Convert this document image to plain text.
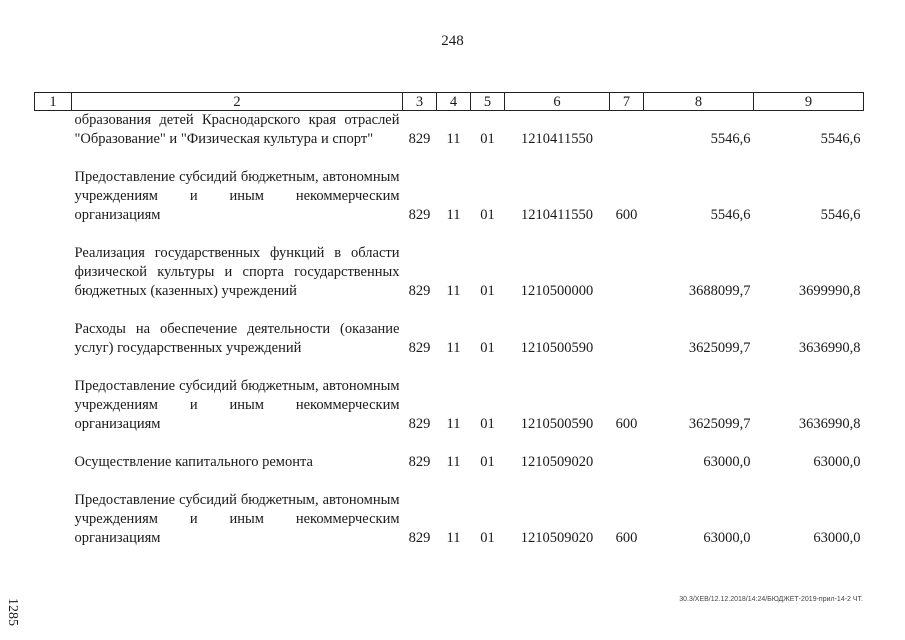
248
1	2	3	4	5	6	7	8	9
	образования детей Краснодарского края отраслей "Образование" и "Физическая культура и спорт"	829	11	01	1210411550		5546,6	5546,6

	Предоставление субсидий бюджетным, автономным учреждениям и иным некоммерческим организациям	829	11	01	1210411550	600	5546,6	5546,6

	Реализация государственных функций в области физической культуры и спорта государственных бюджетных (казенных) учреждений	829	11	01	1210500000		3688099,7	3699990,8

	Расходы на обеспечение деятельности (оказание услуг) государственных учреждений	829	11	01	1210500590		3625099,7	3636990,8

	Предоставление субсидий бюджетным, автономным учреждениям и иным некоммерческим организациям	829	11	01	1210500590	600	3625099,7	3636990,8

	Осуществление капитального ремонта	829	11	01	1210509020		63000,0	63000,0

	Предоставление субсидий бюджетным, автономным учреждениям и иным некоммерческим организациям	829	11	01	1210509020	600	63000,0	63000,0
1285	30.3/ХЕВ/12.12.2018/14:24/БЮДЖЕТ-2019-прил-14-2 ЧТ.
